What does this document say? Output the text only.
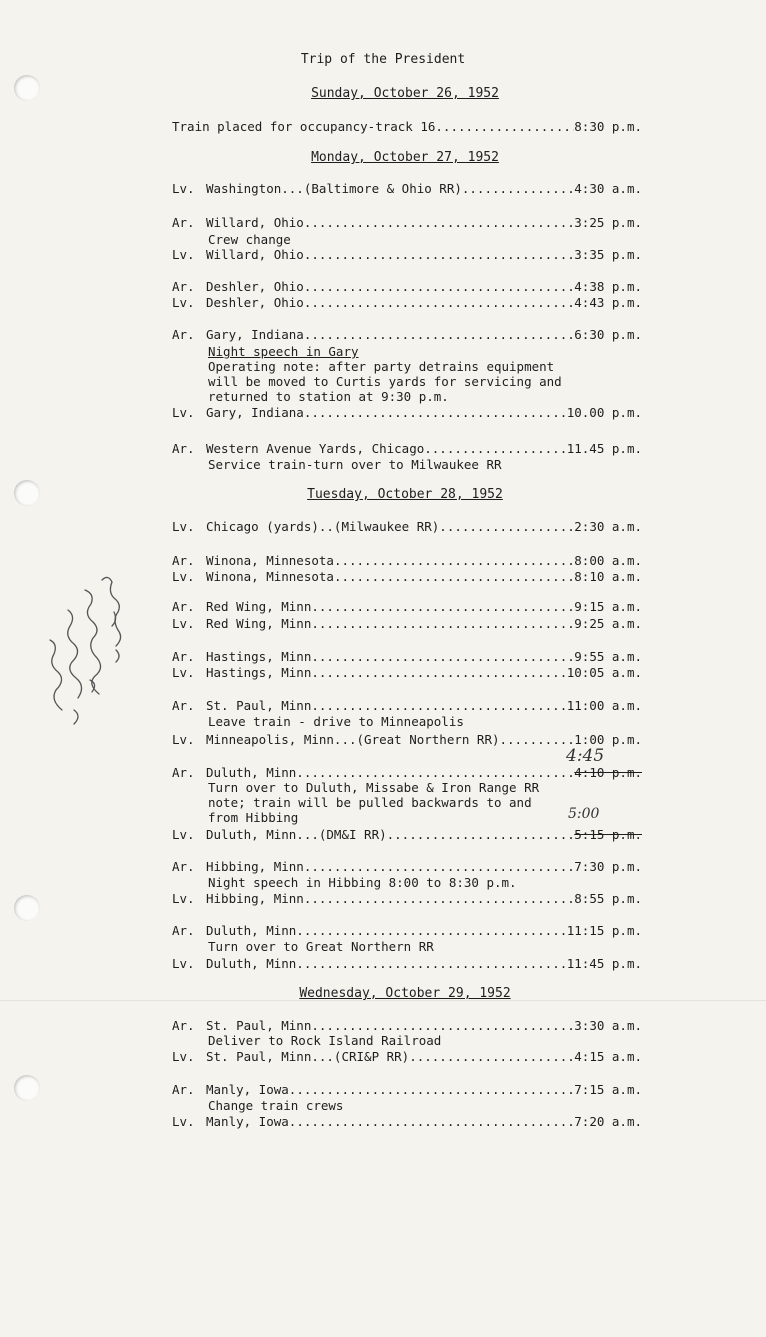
Trip of the President
Sunday, October 26, 1952
Train placed for occupancy-track 16 .....	8:30 p.m.
Monday, October 27, 1952
Lv. Washington...(Baltimore & Ohio RR) .....	4:30 a.m.
Ar. Willard, Ohio .....	3:25 p.m.
Crew change
Lv. Willard, Ohio .....	3:35 p.m.
Ar. Deshler, Ohio .....	4:38 p.m.
Lv. Deshler, Ohio .....	4:43 p.m.
Ar. Gary, Indiana .....	6:30 p.m.
Night speech in Gary
Operating note: after party detrains equipment
will be moved to Curtis yards for servicing and
returned to station at 9:30 p.m.
Lv. Gary, Indiana .....	10.00 p.m.
Ar. Western Avenue Yards, Chicago .....	11.45 p.m.
Service train-turn over to Milwaukee RR
Tuesday, October 28, 1952
Lv. Chicago (yards)..(Milwaukee RR) .....	2:30 a.m.
Ar. Winona, Minnesota .....	8:00 a.m.
Lv. Winona, Minnesota .....	8:10 a.m.
Ar. Red Wing, Minn. .....	9:15 a.m.
Lv. Red Wing, Minn. .....	9:25 a.m.
Ar. Hastings, Minn. .....	9:55 a.m.
Lv. Hastings, Minn. .....	10:05 a.m.
Ar. St. Paul, Minn. .....	11:00 a.m.
Leave train - drive to Minneapolis
Lv. Minneapolis, Minn...(Great Northern RR)..... .....	1:00 p.m.
Ar. Duluth, Minn. .....	4:10 p.m.
4:45
Turn over to Duluth, Missabe & Iron Range RR
note; train will be pulled backwards to and
from Hibbing
Lv. Duluth, Minn...(DM&I RR) .....	5:15 p.m.
5:00
Ar. Hibbing, Minn. .....	7:30 p.m.
Night speech in Hibbing 8:00 to 8:30 p.m.
Lv. Hibbing, Minn. .....	8:55 p.m.
Ar. Duluth, Minn. .....	11:15 p.m.
Turn over to Great Northern RR
Lv. Duluth, Minn. .....	11:45 p.m.
Wednesday, October 29, 1952
Ar. St. Paul, Minn. .....	3:30 a.m.
Deliver to Rock Island Railroad
Lv. St. Paul, Minn...(CRI&P RR) .....	4:15 a.m.
Ar. Manly, Iowa .....	7:15 a.m.
Change train crews
Lv. Manly, Iowa .....	7:20 a.m.
